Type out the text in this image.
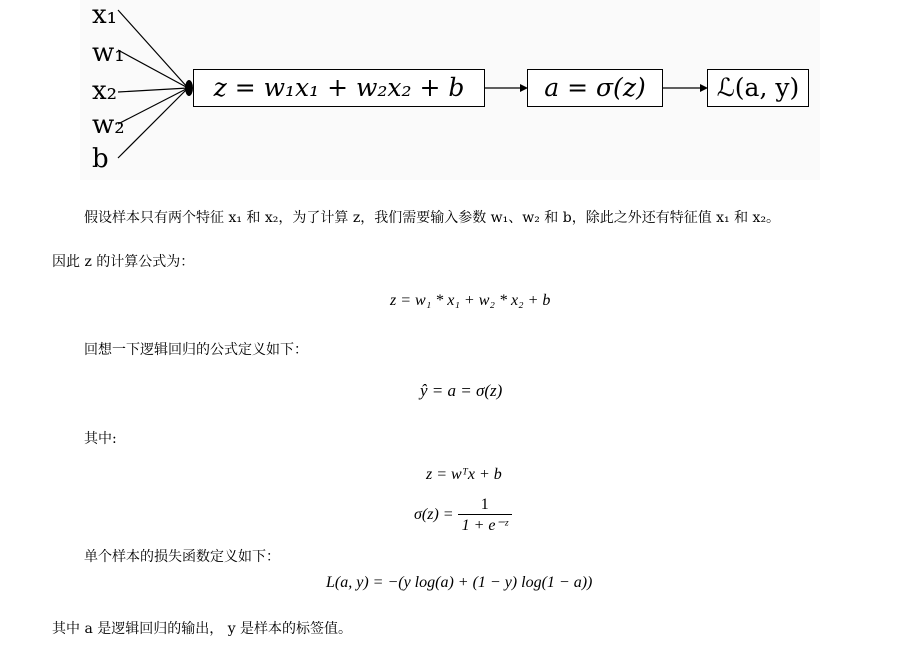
x₁
w₁
x₂
w₂
b
z = w₁x₁ + w₂x₂ + b	a = σ(z)	ℒ(a, y)
假设样本只有两个特征 x₁ 和 x₂，为了计算 z，我们需要输入参数 w₁、w₂ 和 b，除此之外还有特征值 x₁ 和 x₂。
因此 z 的计算公式为：
z = w₁ * x₁ + w₂ * x₂ + b
回想一下逻辑回归的公式定义如下：
ŷ = a = σ(z)
其中:
z = wᵀx + b
$\sigma(z) = \frac{1}{\text{1 + e⁻ᶻ}}$
单个样本的损失函数定义如下：
L(a, y) = −(y log(a) + (1 − y) log(1 − a))
其中 a 是逻辑回归的输出， y 是样本的标签值。
